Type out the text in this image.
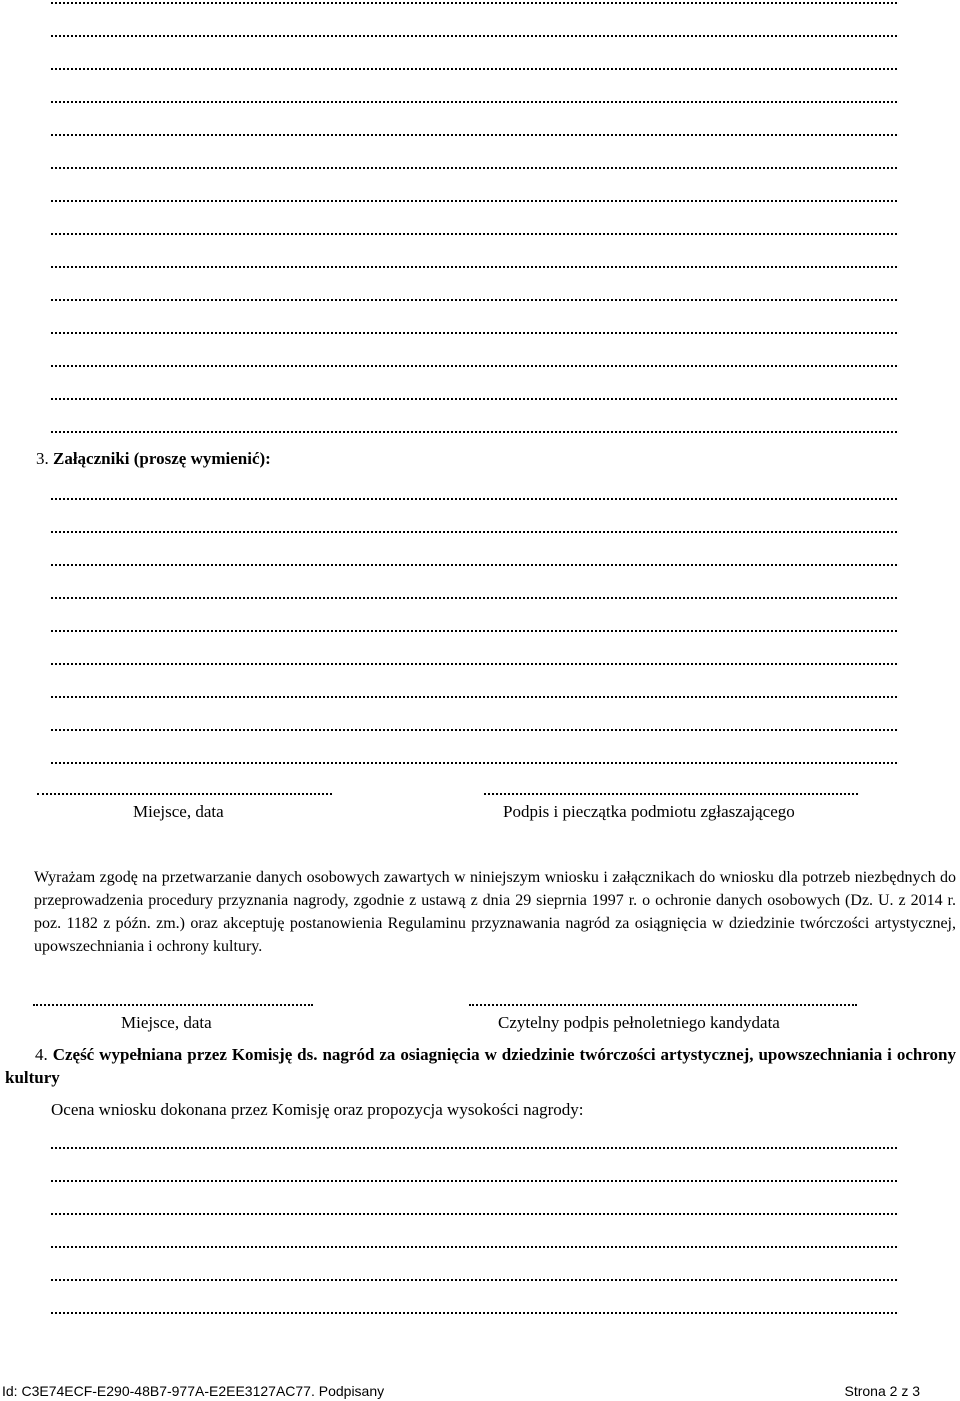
3. Załączniki (proszę wymienić):
Miejsce, data	Podpis i pieczątka podmiotu zgłaszającego
Wyrażam zgodę na przetwarzanie danych osobowych zawartych w niniejszym wniosku i załącznikach do wniosku dla potrzeb niezbędnych do przeprowadzenia procedury przyznania nagrody, zgodnie z ustawą z dnia 29 sieprnia 1997 r. o ochronie danych osobowych (Dz. U. z 2014 r. poz. 1182 z późn. zm.) oraz akceptuję postanowienia Regulaminu przyznawania nagród za osiągnięcia w dziedzinie twórczości artystycznej, upowszechniania i ochrony kultury.
Miejsce, data	Czytelny podpis pełnoletniego kandydata
4. Część wypełniana przez Komisję ds. nagród za osiagnięcia w dziedzinie twórczości artystycznej, upowszechniania i ochrony kultury
Ocena wniosku dokonana przez Komisję oraz propozycja wysokości nagrody:
Id: C3E74ECF-E290-48B7-977A-E2EE3127AC77. Podpisany	Strona 2 z 3
